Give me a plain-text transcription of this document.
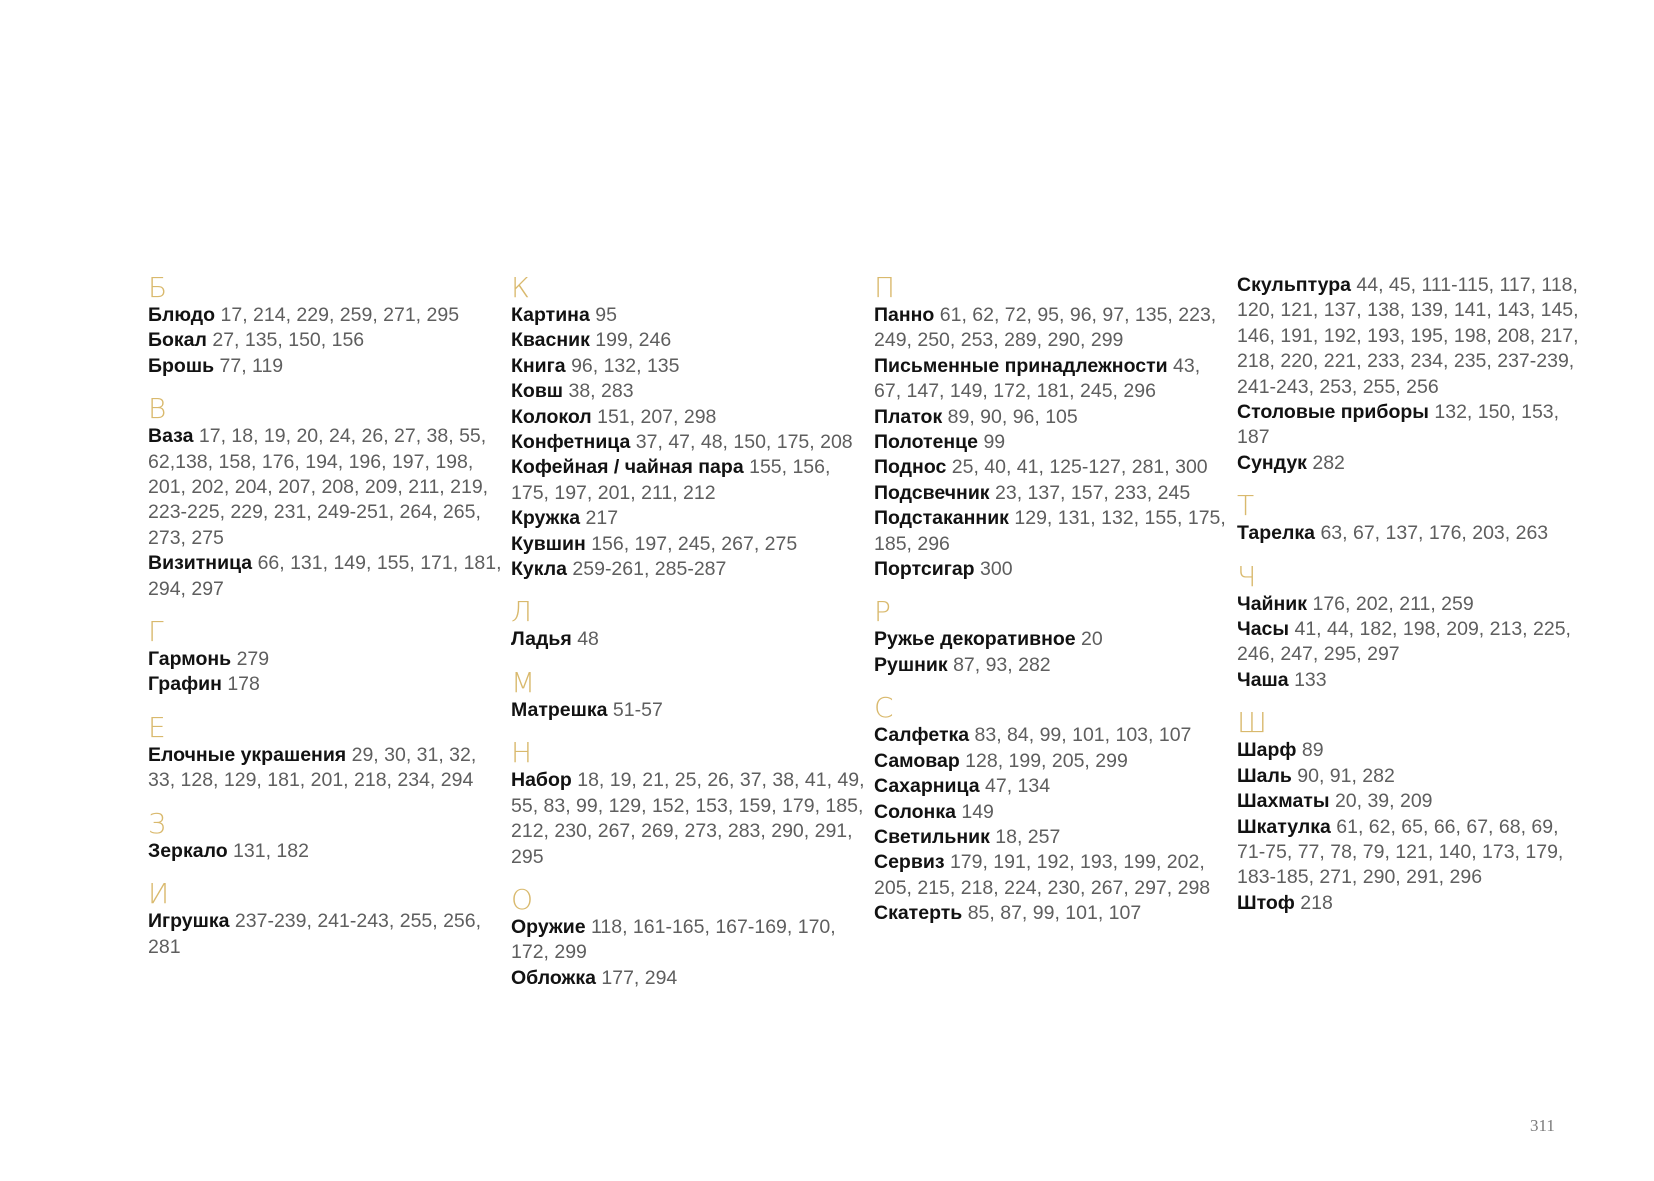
Б

Блюдо 17, 214, 229, 259, 271, 295

Бокал 27, 135, 150, 156

Брошь 77, 119

В

Ваза 17, 18, 19, 20, 24, 26, 27, 38, 55, 62,138, 158, 176, 194, 196, 197, 198, 201, 202, 204, 207, 208, 209, 211, 219, 223-225, 229, 231, 249-251, 264, 265, 273, 275

Визитница 66, 131, 149, 155, 171, 181, 294, 297

Г

Гармонь 279

Графин 178

Е

Елочные украшения 29, 30, 31, 32, 33, 128, 129, 181, 201, 218, 234, 294

З

Зеркало 131, 182

И

Игрушка 237-239, 241-243, 255, 256, 281

К

Картина 95

Квасник 199, 246

Книга 96, 132, 135

Ковш 38, 283

Колокол 151, 207, 298

Конфетница 37, 47, 48, 150, 175, 208

Кофейная / чайная пара 155, 156, 175, 197, 201, 211, 212

Кружка 217

Кувшин 156, 197, 245, 267, 275

Кукла 259-261, 285-287

Л

Ладья 48

М

Матрешка 51-57

Н

Набор 18, 19, 21, 25, 26, 37, 38, 41, 49, 55, 83, 99, 129, 152, 153, 159, 179, 185, 212, 230, 267, 269, 273, 283, 290, 291, 295

О

Оружие 118, 161-165, 167-169, 170, 172, 299

Обложка 177, 294

П

Панно 61, 62, 72, 95, 96, 97, 135, 223, 249, 250, 253, 289, 290, 299

Письменные принадлежности 43, 67, 147, 149, 172, 181, 245, 296

Платок 89, 90, 96, 105

Полотенце 99

Поднос 25, 40, 41, 125-127, 281, 300

Подсвечник 23, 137, 157, 233, 245

Подстаканник 129, 131, 132, 155, 175, 185, 296

Портсигар 300

Р

Ружье декоративное 20

Рушник 87, 93, 282

С

Салфетка 83, 84, 99, 101, 103, 107

Самовар 128, 199, 205, 299

Сахарница 47, 134

Солонка 149

Светильник 18, 257

Сервиз 179, 191, 192, 193, 199, 202, 205, 215, 218, 224, 230, 267, 297, 298

Скатерть 85, 87, 99, 101, 107

Скульптура 44, 45, 111-115, 117, 118, 120, 121, 137, 138, 139, 141, 143, 145, 146, 191, 192, 193, 195, 198, 208, 217, 218, 220, 221, 233, 234, 235, 237-239, 241-243, 253, 255, 256

Столовые приборы 132, 150, 153, 187

Сундук 282

Т

Тарелка 63, 67, 137, 176, 203, 263

Ч

Чайник 176, 202, 211, 259

Часы 41, 44, 182, 198, 209, 213, 225, 246, 247, 295, 297

Чаша 133

Ш

Шарф 89

Шаль 90, 91, 282

Шахматы 20, 39, 209

Шкатулка 61, 62, 65, 66, 67, 68, 69, 71-75, 77, 78, 79, 121, 140, 173, 179, 183-185, 271, 290, 291, 296

Штоф 218

311
